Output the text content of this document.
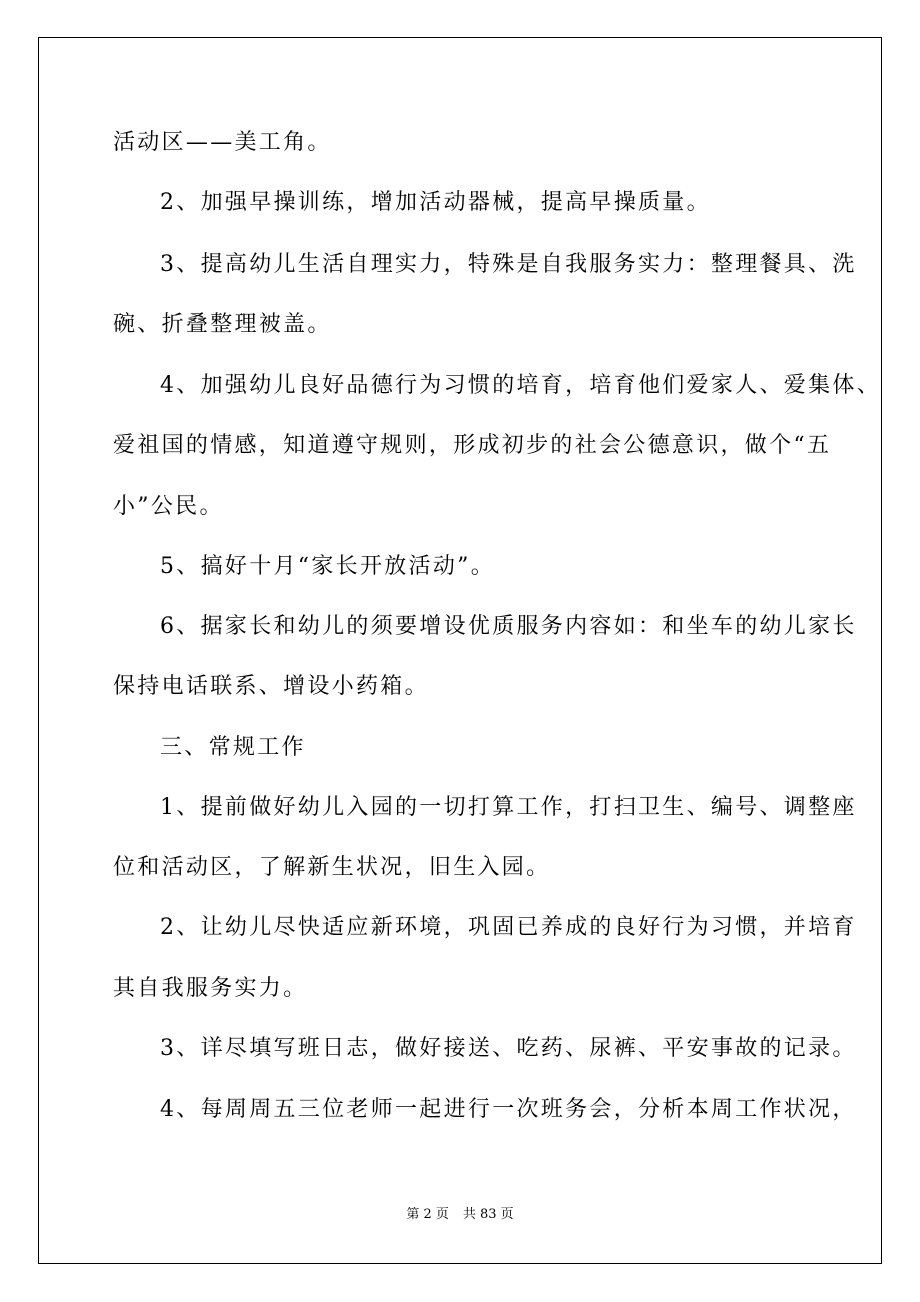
活动区——美工角。
2、加强早操训练，增加活动器械，提高早操质量。
3、提高幼儿生活自理实力，特殊是自我服务实力：整理餐具、洗
碗、折叠整理被盖。
4、加强幼儿良好品德行为习惯的培育，培育他们爱家人、爱集体、
爱祖国的情感，知道遵守规则，形成初步的社会公德意识，做个“五
小”公民。
5、搞好十月“家长开放活动”。
6、据家长和幼儿的须要增设优质服务内容如：和坐车的幼儿家长
保持电话联系、增设小药箱。
三、常规工作
1、提前做好幼儿入园的一切打算工作，打扫卫生、编号、调整座
位和活动区，了解新生状况，旧生入园。
2、让幼儿尽快适应新环境，巩固已养成的良好行为习惯，并培育
其自我服务实力。
3、详尽填写班日志，做好接送、吃药、尿裤、平安事故的记录。
4、每周周五三位老师一起进行一次班务会，分析本周工作状况，
第 2 页 共 83 页
